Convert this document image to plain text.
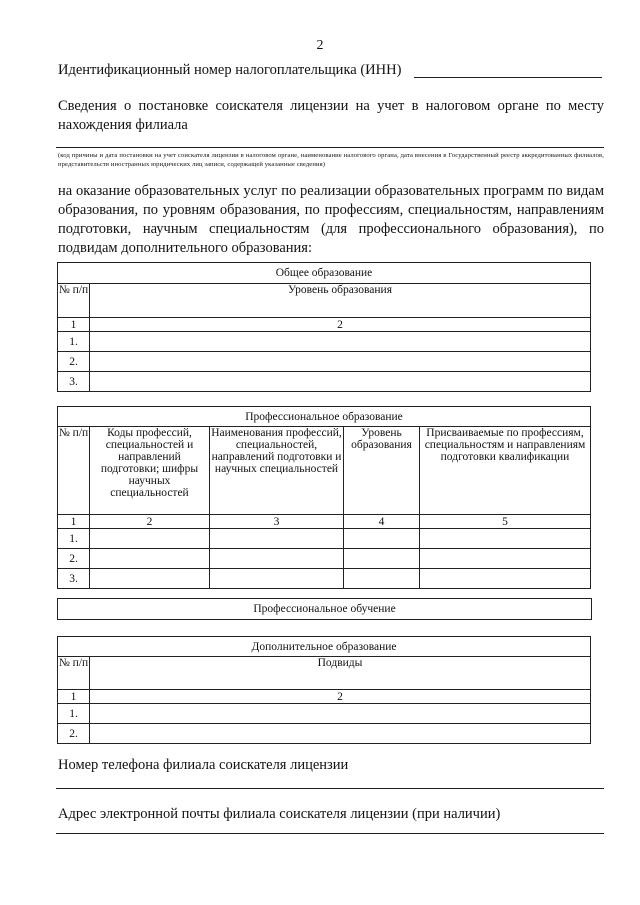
2
Идентификационный номер налогоплательщика (ИНН)
Сведения о постановке соискателя лицензии на учет в налоговом органе по месту нахождения филиала
(код причины и дата постановки на учет соискателя лицензии в налоговом органе, наименование налогового органа, дата внесения в Государственный реестр аккредитованных филиалов, представительств иностранных юридических лиц записи, содержащей указанные сведения)
на оказание образовательных услуг по реализации образовательных программ по видам образования, по уровням образования, по профессиям, специальностям, направлениям подготовки, научным специальностям (для профессионального образования), по подвидам дополнительного образования:
Общее образование	
№ п/п	Уровень образования
1	2
1.	
2.	
3.	
Профессиональное образование				
№ п/п	Коды профессий, специальностей и направлений подготовки; шифры научных специальностей	Наименования профессий, специальностей, направлений подготовки и научных специальностей	Уровень образования	Присваиваемые по профессиям, специальностям и направлениям подготовки квалификации
1	2	3	4	5
1.				
2.				
3.				
Профессиональное обучение
Дополнительное образование	
№ п/п	Подвиды
1	2
1.	
2.	
Номер телефона филиала соискателя лицензии
Адрес электронной почты филиала соискателя лицензии (при наличии)
